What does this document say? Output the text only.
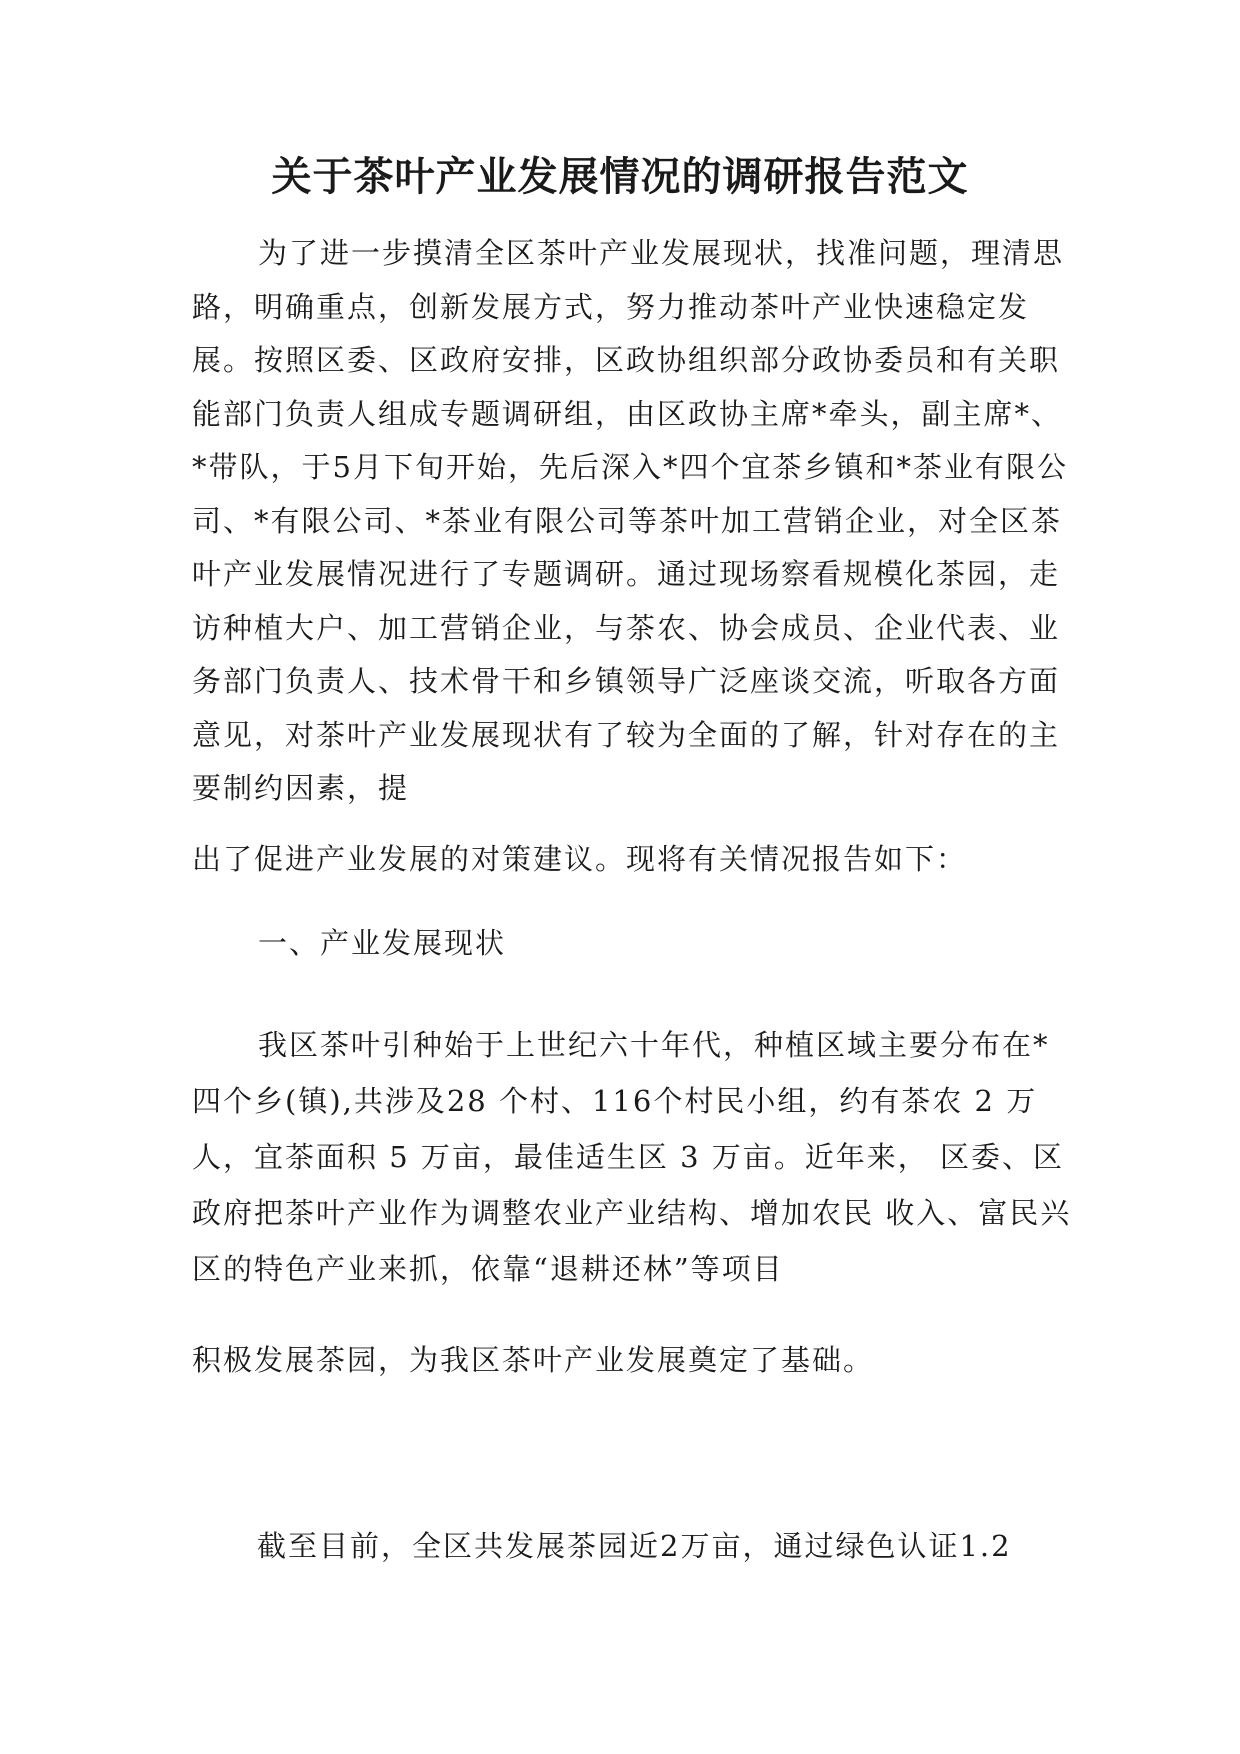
关于茶叶产业发展情况的调研报告范文

为了进一步摸清全区茶叶产业发展现状，找准问题，理清思路，明确重点，创新发展方式，努力推动茶叶产业快速稳定发展。按照区委、区政府安排，区政协组织部分政协委员和有关职能部门负责人组成专题调研组，由区政协主席*牵头，副主席*、*带队，于5月下旬开始，先后深入*四个宜茶乡镇和*茶业有限公司、*有限公司、*茶业有限公司等茶叶加工营销企业，对全区茶叶产业发展情况进行了专题调研。通过现场察看规模化茶园，走访种植大户、加工营销企业，与茶农、协会成员、企业代表、业务部门负责人、技术骨干和乡镇领导广泛座谈交流，听取各方面意见，对茶叶产业发展现状有了较为全面的了解，针对存在的主要制约因素，提

出了促进产业发展的对策建议。现将有关情况报告如下：

一、产业发展现状

我区茶叶引种始于上世纪六十年代，种植区域主要分布在*四个乡(镇),共涉及28 个村、116个村民小组，约有茶农 2 万人，宜茶面积 5 万亩，最佳适生区 3 万亩。近年来， 区委、区政府把茶叶产业作为调整农业产业结构、增加农民 收入、富民兴区的特色产业来抓，依靠“退耕还林”等项目

积极发展茶园，为我区茶叶产业发展奠定了基础。

截至目前，全区共发展茶园近2万亩，通过绿色认证1.2
